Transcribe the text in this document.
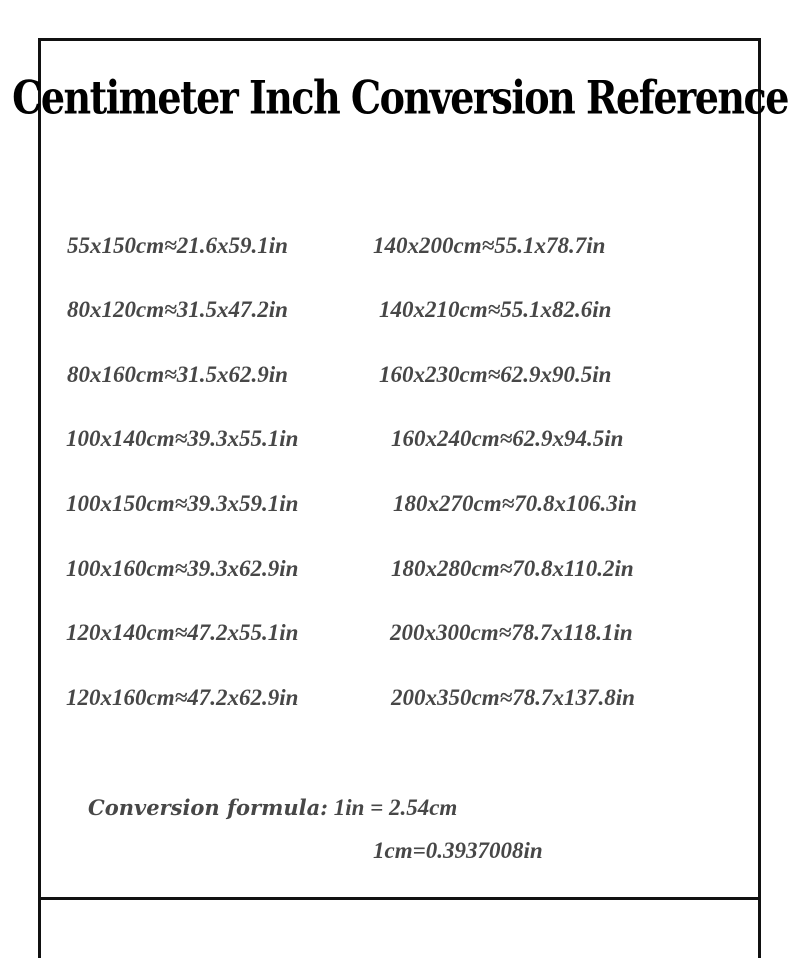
Centimeter Inch Conversion Reference
55x150cm≈21.6x59.1in	140x200cm≈55.1x78.7in
80x120cm≈31.5x47.2in	140x210cm≈55.1x82.6in
80x160cm≈31.5x62.9in	160x230cm≈62.9x90.5in
100x140cm≈39.3x55.1in	160x240cm≈62.9x94.5in
100x150cm≈39.3x59.1in	180x270cm≈70.8x106.3in
100x160cm≈39.3x62.9in	180x280cm≈70.8x110.2in
120x140cm≈47.2x55.1in	200x300cm≈78.7x118.1in
120x160cm≈47.2x62.9in	200x350cm≈78.7x137.8in
Conversion formula: 1in = 2.54cm
1cm=0.3937008in
